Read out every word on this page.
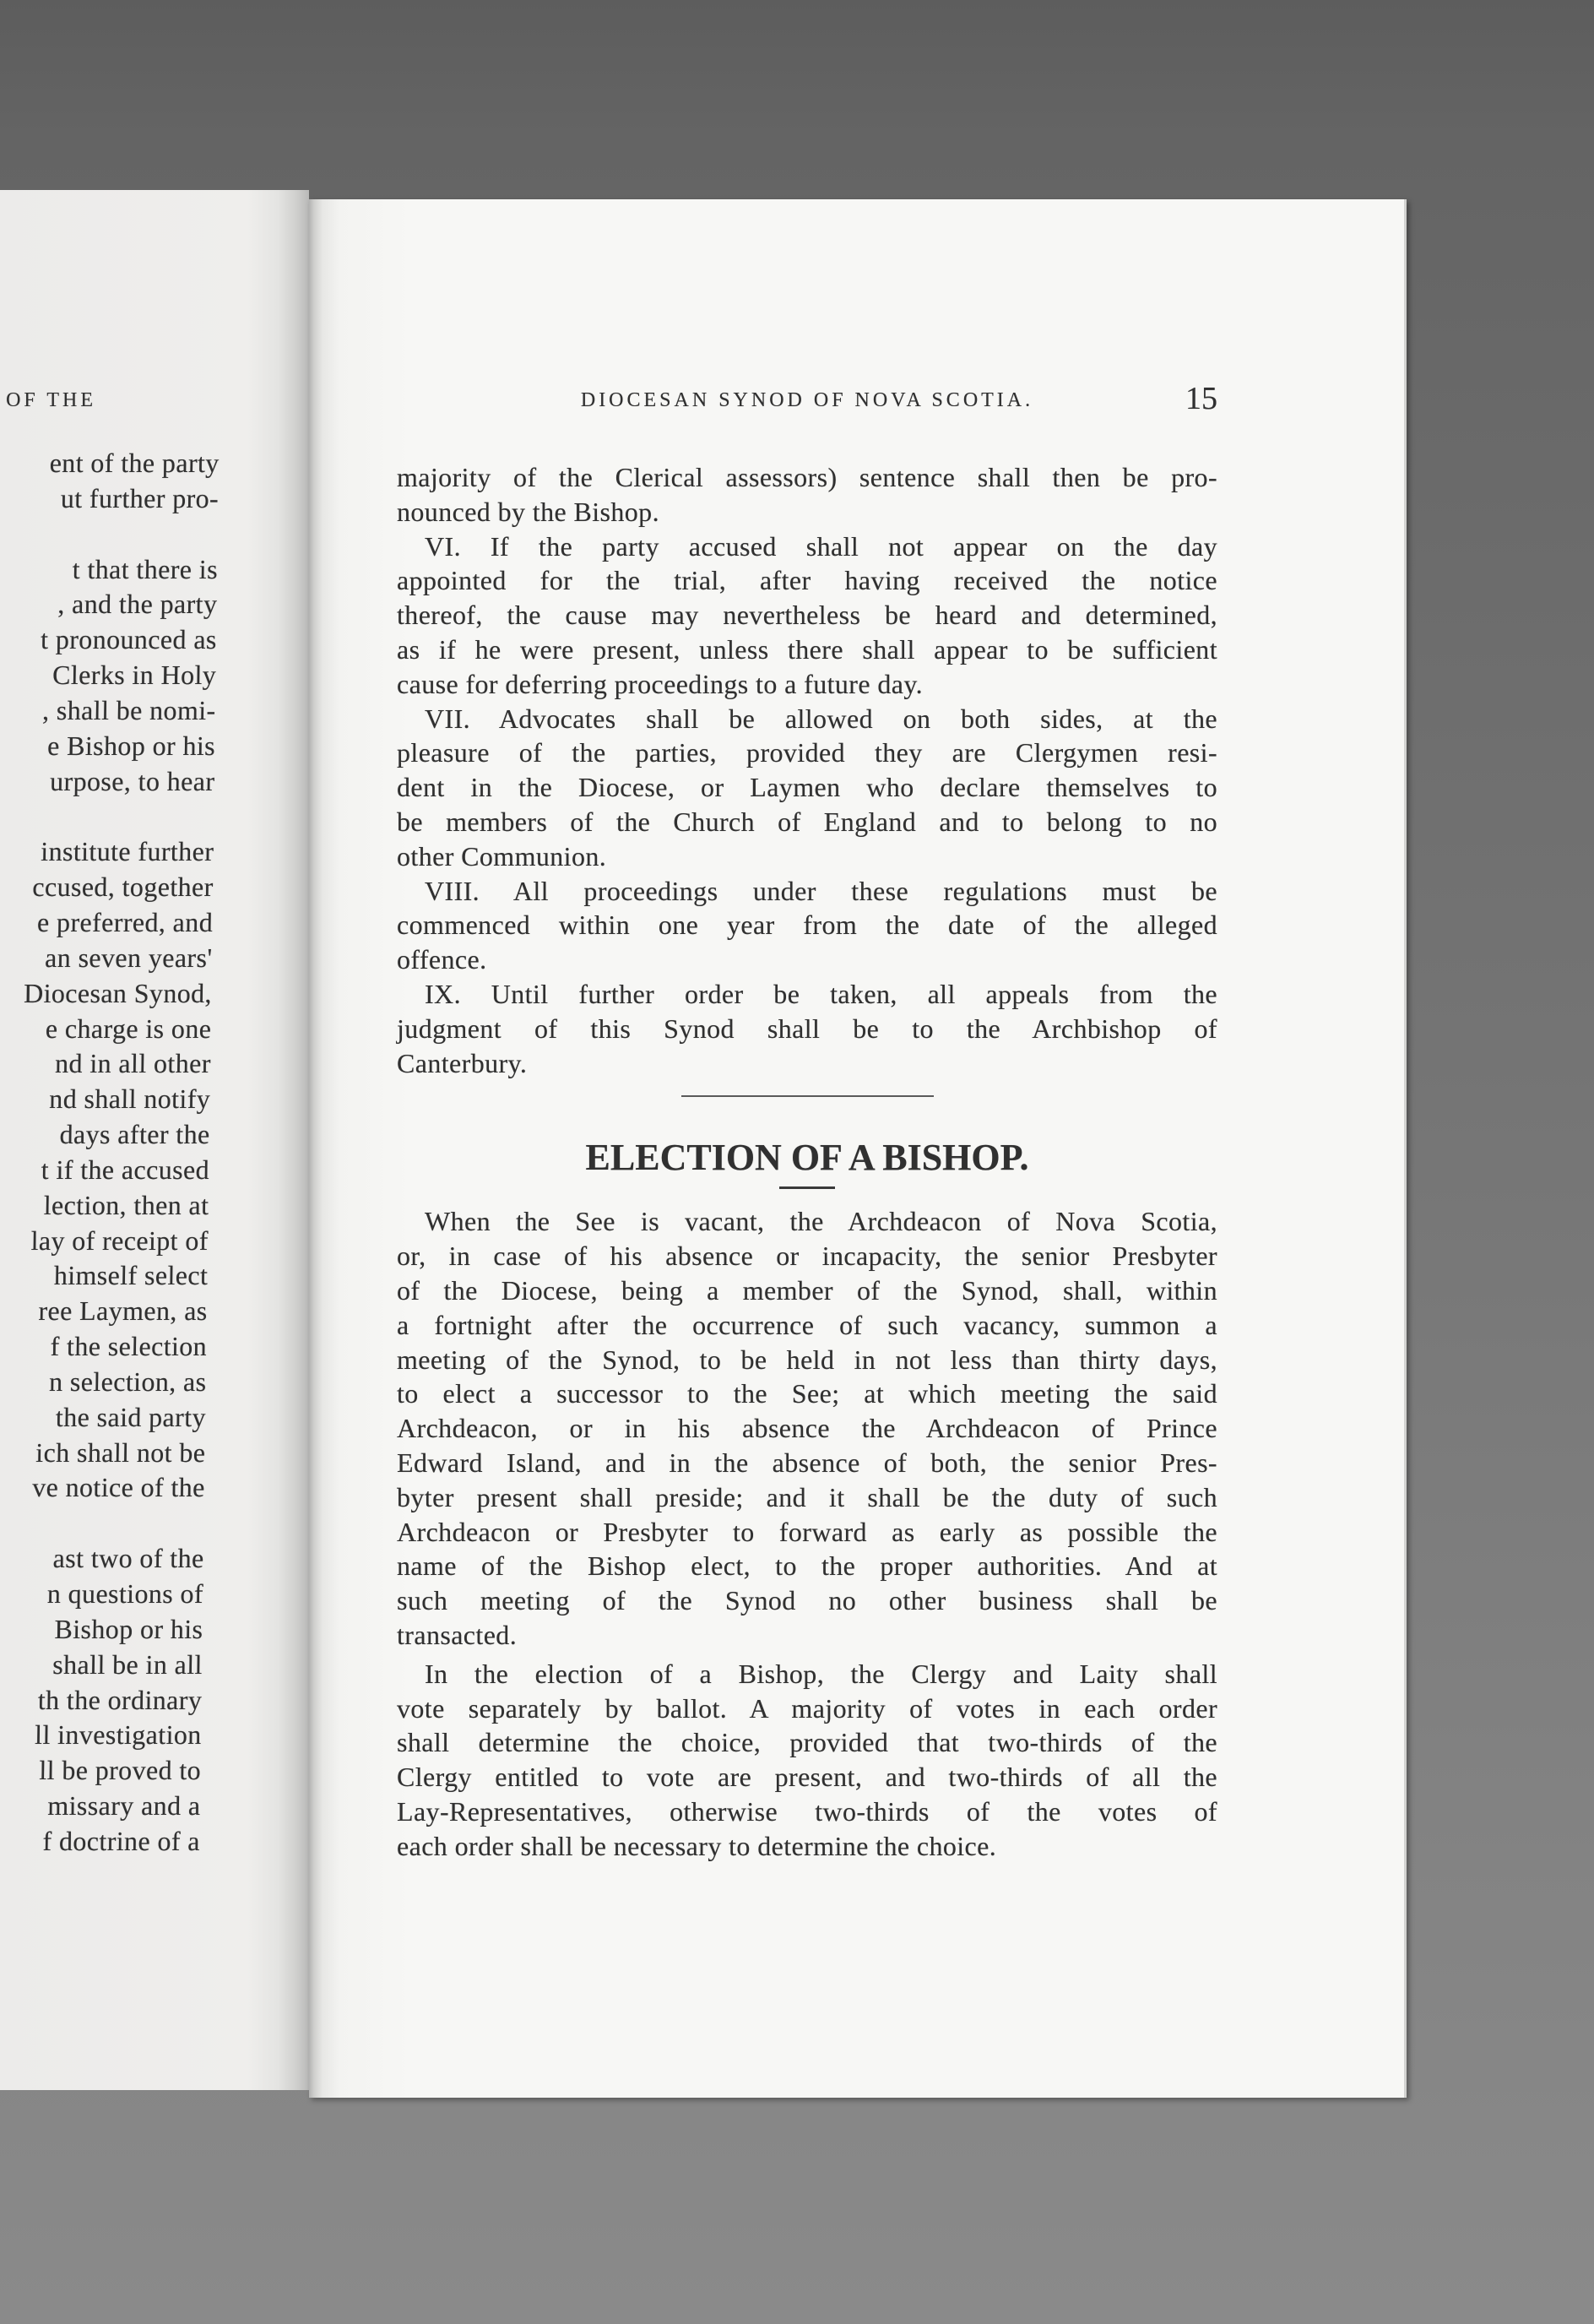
OF THE
ent of the party
ut further pro-
t that there is
, and the party
t pronounced as
Clerks in Holy
, shall be nomi-
e Bishop or his
urpose, to hear
institute further
ccused, together
e preferred, and
an seven years'
Diocesan Synod,
e charge is one
nd in all other
nd shall notify
days after the
t if the accused
lection, then at
lay of receipt of
himself select
ree Laymen, as
f the selection
n selection, as
the said party
ich shall not be
ve notice of the
ast two of the
n questions of
Bishop or his
shall be in all
th the ordinary
ll investigation
ll be proved to
missary and a
f doctrine of a
DIOCESAN SYNOD OF NOVA SCOTIA.	15
majority of the Clerical assessors) sentence shall then be pro-
nounced by the Bishop.
VI. If the party accused shall not appear on the day
appointed for the trial, after having received the notice
thereof, the cause may nevertheless be heard and determined,
as if he were present, unless there shall appear to be sufficient
cause for deferring proceedings to a future day.
VII. Advocates shall be allowed on both sides, at the
pleasure of the parties, provided they are Clergymen resi-
dent in the Diocese, or Laymen who declare themselves to
be members of the Church of England and to belong to no
other Communion.
VIII. All proceedings under these regulations must be
commenced within one year from the date of the alleged
offence.
IX. Until further order be taken, all appeals from the
judgment of this Synod shall be to the Archbishop of
Canterbury.
ELECTION OF A BISHOP.
When the See is vacant, the Archdeacon of Nova Scotia,
or, in case of his absence or incapacity, the senior Presbyter
of the Diocese, being a member of the Synod, shall, within
a fortnight after the occurrence of such vacancy, summon a
meeting of the Synod, to be held in not less than thirty days,
to elect a successor to the See; at which meeting the said
Archdeacon, or in his absence the Archdeacon of Prince
Edward Island, and in the absence of both, the senior Pres-
byter present shall preside; and it shall be the duty of such
Archdeacon or Presbyter to forward as early as possible the
name of the Bishop elect, to the proper authorities. And at
such meeting of the Synod no other business shall be
transacted.
In the election of a Bishop, the Clergy and Laity shall
vote separately by ballot. A majority of votes in each order
shall determine the choice, provided that two-thirds of the
Clergy entitled to vote are present, and two-thirds of all the
Lay-Representatives, otherwise two-thirds of the votes of
each order shall be necessary to determine the choice.
